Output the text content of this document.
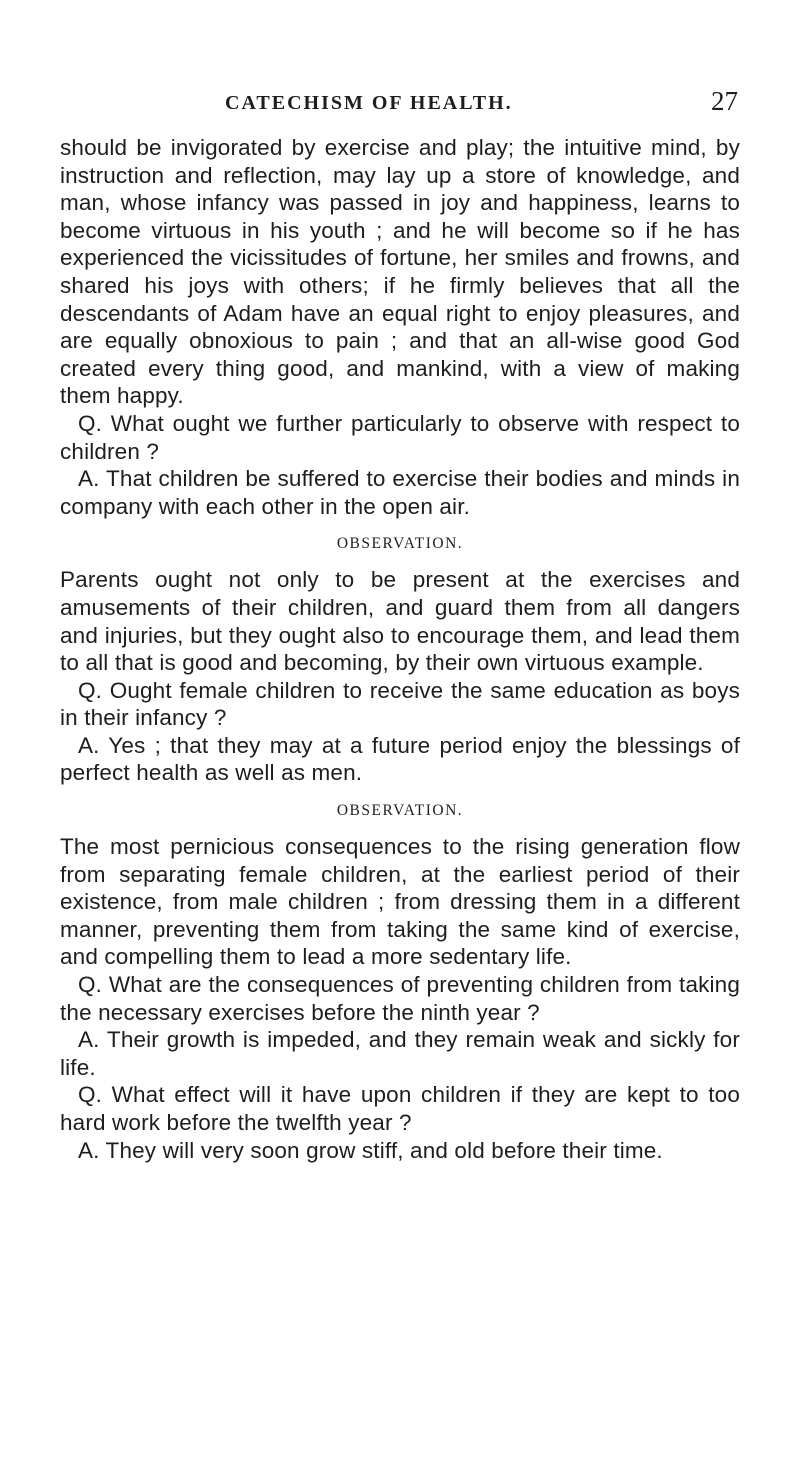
CATECHISM OF HEALTH.	27

should be invigorated by exercise and play; the intuitive mind, by instruction and reflection, may lay up a store of knowledge, and man, whose infancy was passed in joy and happiness, learns to become virtuous in his youth ; and he will become so if he has experienced the vicissitudes of fortune, her smiles and frowns, and shared his joys with others; if he firmly believes that all the descendants of Adam have an equal right to enjoy pleasures, and are equally obnoxious to pain ; and that an all-wise good God created every thing good, and mankind, with a view of making them happy.

Q. What ought we further particularly to observe with respect to children ?

A. That children be suffered to exercise their bodies and minds in company with each other in the open air.

OBSERVATION.

Parents ought not only to be present at the exercises and amusements of their children, and guard them from all dangers and injuries, but they ought also to encourage them, and lead them to all that is good and becoming, by their own virtuous example.

Q. Ought female children to receive the same education as boys in their infancy ?

A. Yes ; that they may at a future period enjoy the blessings of perfect health as well as men.

OBSERVATION.

The most pernicious consequences to the rising generation flow from separating female children, at the earliest period of their existence, from male children ; from dressing them in a different manner, preventing them from taking the same kind of exercise, and compelling them to lead a more sedentary life.

Q. What are the consequences of preventing children from taking the necessary exercises before the ninth year ?

A. Their growth is impeded, and they remain weak and sickly for life.

Q. What effect will it have upon children if they are kept to too hard work before the twelfth year ?

A. They will very soon grow stiff, and old before their time.
